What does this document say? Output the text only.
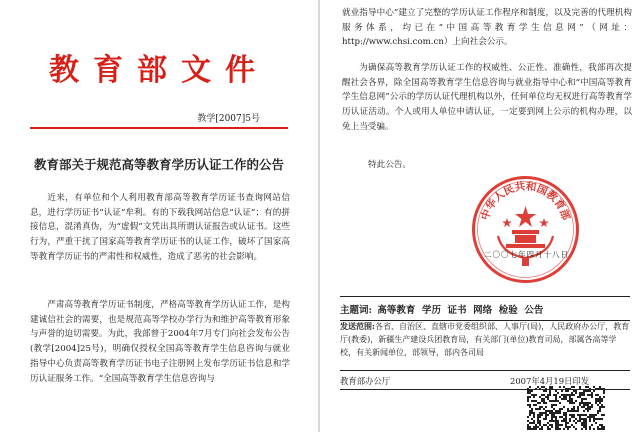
教育部文件
教学[2007]5号
教育部关于规范高等教育学历认证工作的公告

近来，有单位和个人利用教育部高等教育学历证书查询网站信息，进行学历证书“认证”牟利。有的下载我网站信息“认证”；有的拼接信息，混淆真伪，为“虚假”文凭出具所谓认证报告或认证书。这些行为，严重干扰了国家高等教育学历证书的认证工作，破坏了国家高等教育学历证书的严肃性和权威性，造成了恶劣的社会影响。

严肃高等教育学历证书制度，严格高等教育学历认证工作，是构建诚信社会的需要，也是规范高等学校办学行为和维护高等教育形象与声誉的迫切需要。为此，我部曾于2004年7月专门向社会发布公告(教学[2004]25号)，明确仅授权全国高等教育学生信息咨询与就业指导中心负责高等教育学历证书电子注册网上发布学历证书信息和学历认证服务工作。“全国高等教育学生信息咨询与

就业指导中心”建立了完整的学历认证工作程序和制度，以及完善的代理机构服务体系，均已在“中国高等教育学生信息网”（网址：http://www.chsi.com.cn）上向社会公示。

为确保高等教育学历认证工作的权威性、公正性、准确性，我部再次提醒社会各界，除全国高等教育学生信息咨询与就业指导中心和“中国高等教育学生信息网”公示的学历认证代理机构以外，任何单位均无权进行高等教育学历认证活动。个人或用人单位申请认证，一定要到网上公示的机构办理，以免上当受骗。

特此公告。
中华人民共和国教育部
二〇〇七年四月十八日
主题词: 高等教育  学历  证书  网络  检验  公告
发送范围:各省、自治区、直辖市党委组织部、人事厅(局)，人民政府办公厅，教育厅(教委)，新疆生产建设兵团教育局，有关部门(单位)教育司局，部属各高等学校，有关新闻单位，部领导，部内各司局
教育部办公厅	2007年4月19日印发
